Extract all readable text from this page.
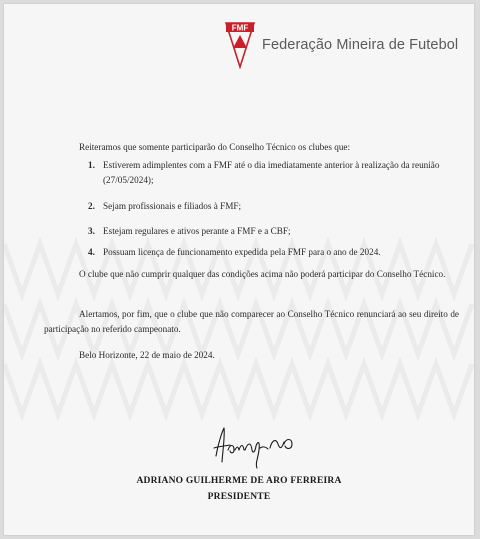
FMF
Federação Mineira de Futebol
Reiteramos que somente participarão do Conselho Técnico os clubes que:
1. Estiverem adimplentes com a FMF até o dia imediatamente anterior à realização da reunião (27/05/2024);
2. Sejam profissionais e filiados à FMF;
3. Estejam regulares e ativos perante a FMF e a CBF;
4. Possuam licença de funcionamento expedida pela FMF para o ano de 2024.
O clube que não cumprir qualquer das condições acima não poderá participar do Conselho Técnico.
Alertamos, por fim, que o clube que não comparecer ao Conselho Técnico renunciará ao seu direito de participação no referido campeonato.
Belo Horizonte, 22 de maio de 2024.
ADRIANO GUILHERME DE ARO FERREIRA
PRESIDENTE
